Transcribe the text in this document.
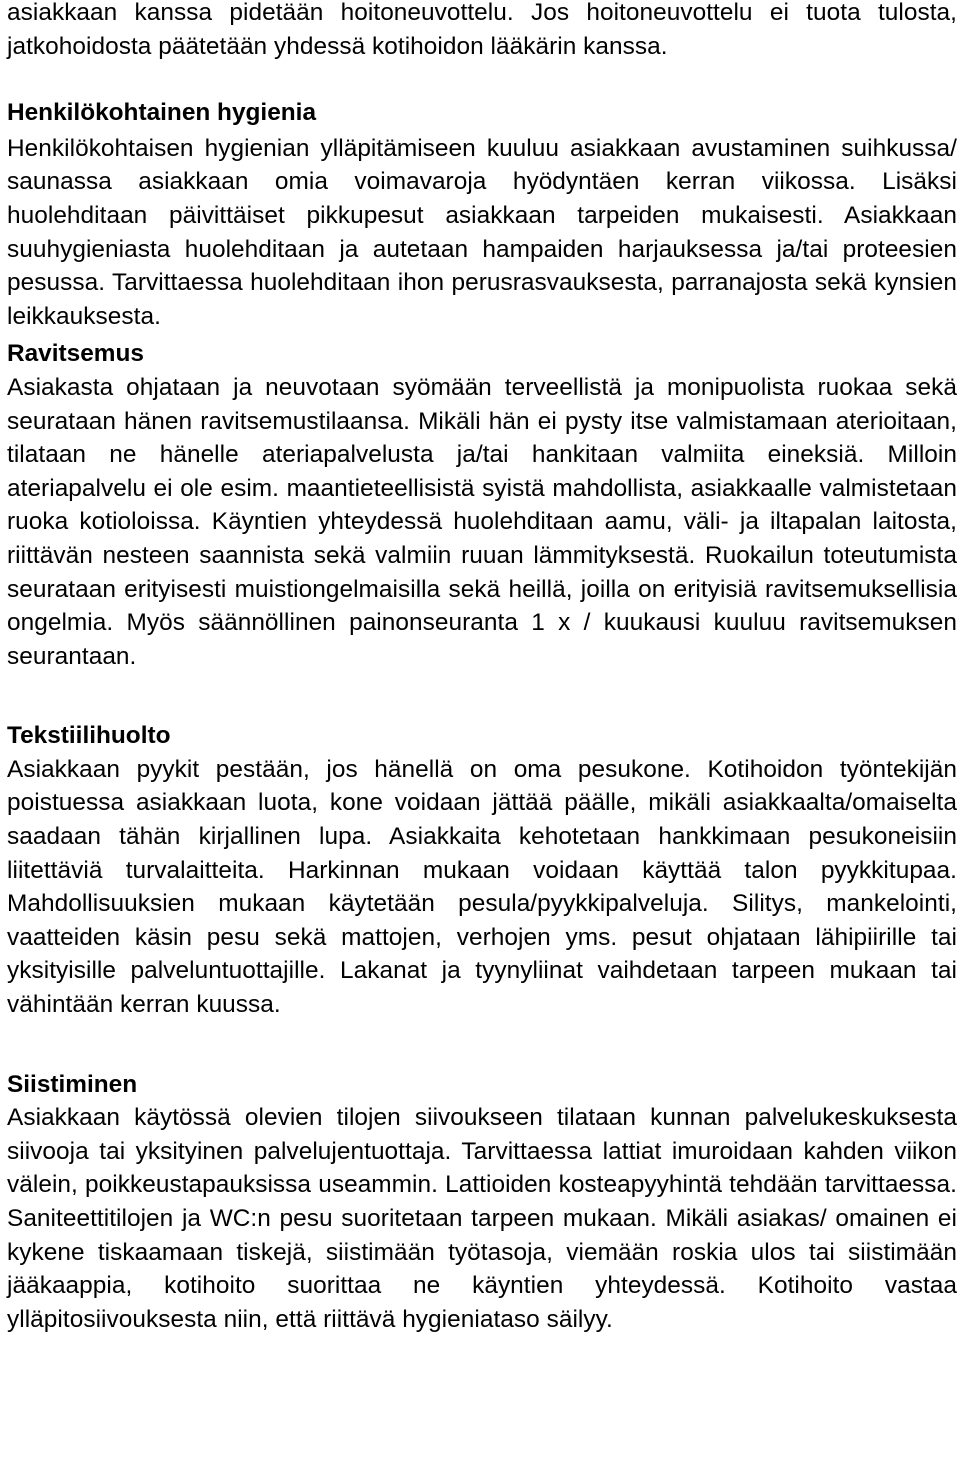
asiakkaan kanssa pidetään hoitoneuvottelu. Jos hoitoneuvottelu ei tuota tulosta, jatkohoidosta päätetään yhdessä kotihoidon lääkärin kanssa.

Henkilökohtainen hygienia

Henkilökohtaisen hygienian ylläpitämiseen kuuluu asiakkaan avustaminen suihkussa/ saunassa asiakkaan omia voimavaroja hyödyntäen kerran viikossa. Lisäksi huolehditaan päivittäiset pikkupesut asiakkaan tarpeiden mukaisesti. Asiakkaan suuhygieniasta huolehditaan ja autetaan hampaiden harjauksessa ja/tai proteesien pesussa. Tarvittaessa huolehditaan ihon perusrasvauksesta, parranajosta sekä kynsien leikkauksesta.

Ravitsemus

Asiakasta ohjataan ja neuvotaan syömään terveellistä ja monipuolista ruokaa sekä seurataan hänen ravitsemustilaansa. Mikäli hän ei pysty itse valmistamaan aterioitaan, tilataan ne hänelle ateriapalvelusta ja/tai hankitaan valmiita eineksiä. Milloin ateriapalvelu ei ole esim. maantieteellisistä syistä mahdollista, asiakkaalle valmistetaan ruoka kotioloissa. Käyntien yhteydessä huolehditaan aamu, väli- ja iltapalan laitosta, riittävän nesteen saannista sekä valmiin ruuan lämmityksestä. Ruokailun toteutumista seurataan erityisesti muistiongelmaisilla sekä heillä, joilla on erityisiä ravitsemuksellisia ongelmia. Myös säännöllinen painonseuranta 1 x / kuukausi kuuluu ravitsemuksen seurantaan.

Tekstiilihuolto

Asiakkaan pyykit pestään, jos hänellä on oma pesukone. Kotihoidon työntekijän poistuessa asiakkaan luota, kone voidaan jättää päälle, mikäli asiakkaalta/omaiselta saadaan tähän kirjallinen lupa. Asiakkaita kehotetaan hankkimaan pesukoneisiin liitettäviä turvalaitteita. Harkinnan mukaan voidaan käyttää talon pyykkitupaa. Mahdollisuuksien mukaan käytetään pesula/pyykkipalveluja. Silitys, mankelointi, vaatteiden käsin pesu sekä mattojen, verhojen yms. pesut ohjataan lähipiirille tai yksityisille palveluntuottajille. Lakanat ja tyynyliinat vaihdetaan tarpeen mukaan tai vähintään kerran kuussa.

Siistiminen

Asiakkaan käytössä olevien tilojen siivoukseen tilataan kunnan palvelukeskuksesta siivooja tai yksityinen palvelujentuottaja. Tarvittaessa lattiat imuroidaan kahden viikon välein, poikkeustapauksissa useammin. Lattioiden kosteapyyhintä tehdään tarvittaessa. Saniteettitilojen ja WC:n pesu suoritetaan tarpeen mukaan. Mikäli asiakas/ omainen ei kykene tiskaamaan tiskejä, siistimään työtasoja, viemään roskia ulos tai siistimään jääkaappia, kotihoito suorittaa ne käyntien yhteydessä. Kotihoito vastaa ylläpitosiivouksesta niin, että riittävä hygieniataso säilyy.
